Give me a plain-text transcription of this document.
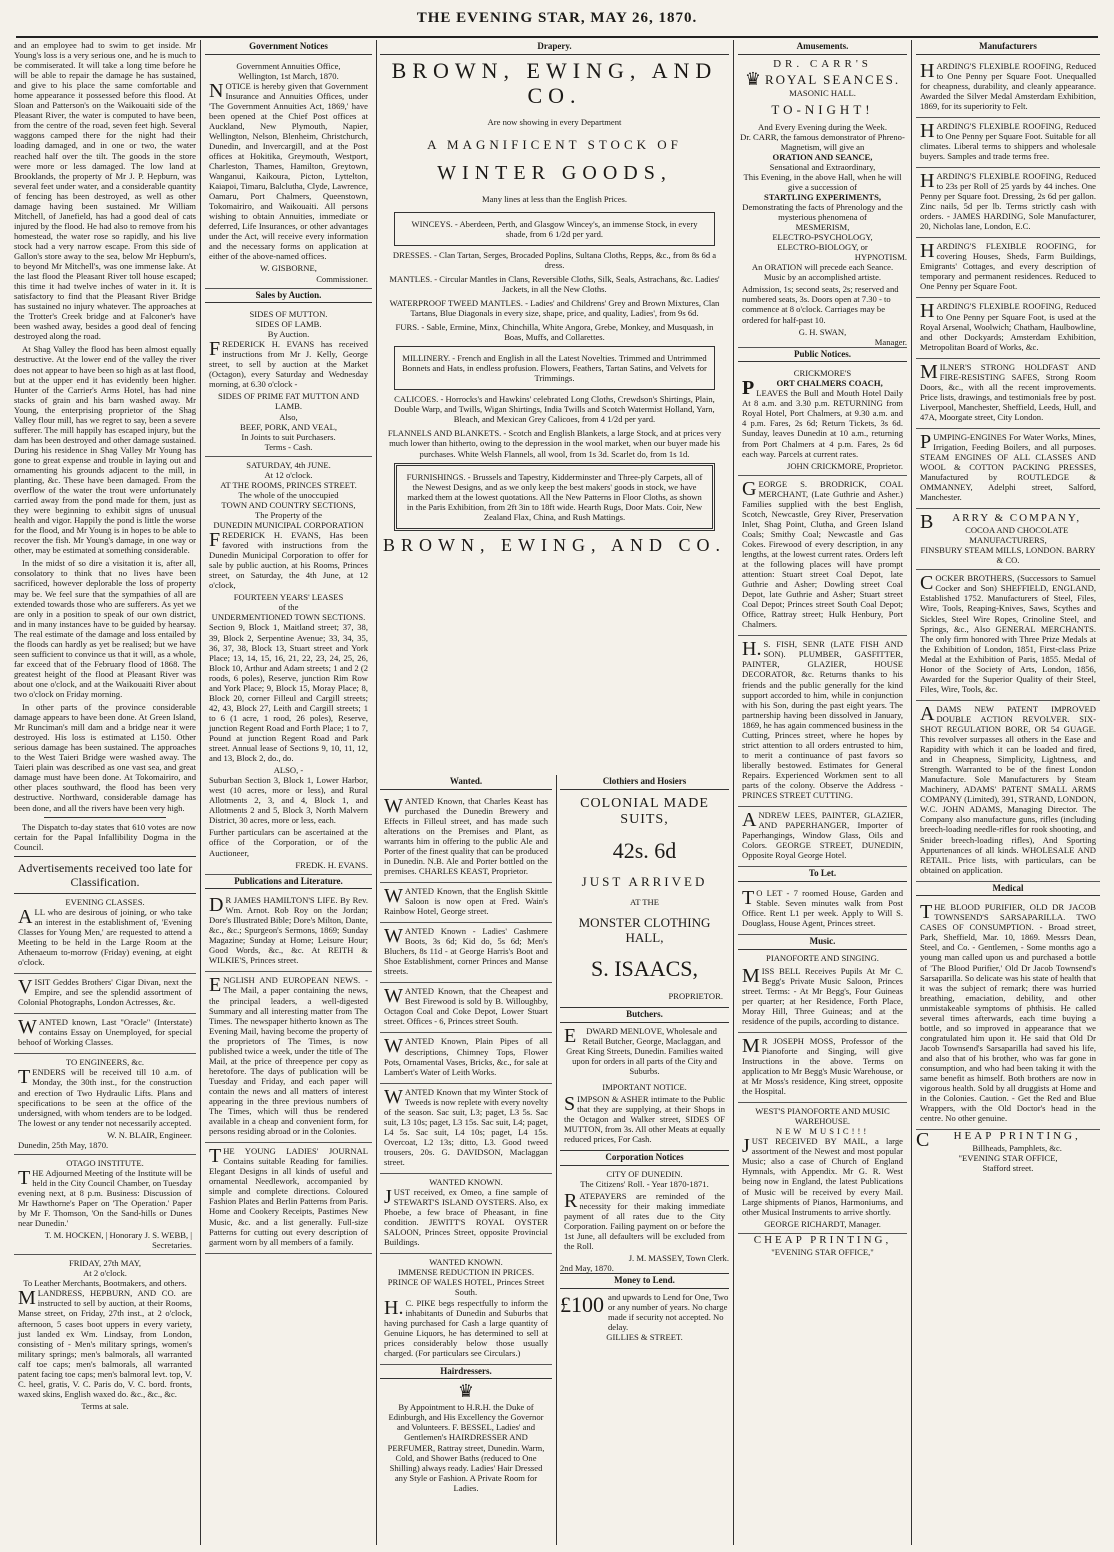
THE EVENING STAR, MAY 26, 1870.

and an employee had to swim to get inside. Mr Young's loss is a very serious one, and he is much to be commiserated. It will take a long time before he will be able to repair the damage he has sustained, and give to his place the same comfortable and home appearance it possessed before this flood. At Sloan and Patterson's on the Waikouaiti side of the Pleasant River, the water is computed to have been, from the centre of the road, seven feet high. Several waggons camped there for the night had their loading damaged, and in one or two, the water reached half over the tilt. The goods in the store were more or less damaged. The low land at Brooklands, the property of Mr J. P. Hepburn, was several feet under water, and a considerable quantity of fencing has been destroyed, as well as other damage having been sustained. Mr William Mitchell, of Janefield, has had a good deal of cats injured by the flood. He had also to remove from his homestead, the water rose so rapidly, and his live stock had a very narrow escape. From this side of Gallon's store away to the sea, below Mr Hepburn's, to beyond Mr Mitchell's, was one immense lake. At the last flood the Pleasant River toll house escaped; this time it had twelve inches of water in it. It is satisfactory to find that the Pleasant River Bridge has sustained no injury whatever. The approaches at the Trotter's Creek bridge and at Falconer's have been washed away, besides a good deal of fencing destroyed along the road.

At Shag Valley the flood has been almost equally destructive. At the lower end of the valley the river does not appear to have been so high as at last flood, but at the upper end it has evidently been higher. Hunter of the Carrier's Arms Hotel, has had nine stacks of grain and his barn washed away. Mr Young, the enterprising proprietor of the Shag Valley flour mill, has we regret to say, been a severe sufferer. The mill happily has escaped injury, but the dam has been destroyed and other damage sustained. During his residence in Shag Valley Mr Young has gone to great expense and trouble in laying out and ornamenting his grounds adjacent to the mill, in planting, &c. These have been damaged. From the overflow of the water the trout were unfortunately carried away from the pond made for them, just as they were beginning to exhibit signs of unusual health and vigor. Happily the pond is little the worse for the flood, and Mr Young is in hopes to be able to recover the fish. Mr Young's damage, in one way or other, may be estimated at something considerable.

In the midst of so dire a visitation it is, after all, consolatory to think that no lives have been sacrificed, however deplorable the loss of property may be. We feel sure that the sympathies of all are extended towards those who are sufferers. As yet we are only in a position to speak of our own district, and in many instances have to be guided by hearsay. The real estimate of the damage and loss entailed by the floods can hardly as yet be realised; but we have seen sufficient to convince us that it will, as a whole, far exceed that of the February flood of 1868. The greatest height of the flood at Pleasant River was about one o'clock, and at the Waikouaiti River about two o'clock on Friday morning.

In other parts of the province considerable damage appears to have been done. At Green Island, Mr Runciman's mill dam and a bridge near it were destroyed. His loss is estimated at L150. Other serious damage has been sustained. The approaches to the West Taieri Bridge were washed away. The Taieri plain was described as one vast sea, and great damage must have been done. At Tokomairiro, and other places southward, the flood has been very destructive. Northward, considerable damage has been done, and all the rivers have been very high.

The Dispatch to-day states that 610 votes are now certain for the Papal Infallibility Dogma in the Council.

Advertisements received too late for Classification.
EVENING CLASSES.

ALL who are desirous of joining, or who take an interest in the establishment of, 'Evening Classes for Young Men,' are requested to attend a Meeting to be held in the Large Room at the Athenaeum to-morrow (Friday) evening, at eight o'clock.

VISIT Geddes Brothers' Cigar Divan, next the Empire, and see the splendid assortment of Colonial Photographs, London Actresses, &c.

WANTED known, Last "Oracle" (Interstate) contains Essay on Unemployed, for special behoof of Working Classes.

TO ENGINEERS, &c.

TENDERS will be received till 10 a.m. of Monday, the 30th inst., for the construction and erection of Two Hydraulic Lifts. Plans and specifications to be seen at the office of the undersigned, with whom tenders are to be lodged. The lowest or any tender not necessarily accepted.

W. N. BLAIR, Engineer.
Dunedin, 25th May, 1870.
OTAGO INSTITUTE.

THE Adjourned Meeting of the Institute will be held in the City Council Chamber, on Tuesday evening next, at 8 p.m. Business: Discussion of Mr Hawthorne's Paper on 'The Operation.' Paper by Mr F. Thomson, 'On the Sand-hills or Dunes near Dunedin.'

T. M. HOCKEN, | Honorary J. S. WEBB, | Secretaries.
FRIDAY, 27th MAY,
At 2 o'clock.
To Leather Merchants, Bootmakers, and others.

MLANDRESS, HEPBURN, AND CO. are instructed to sell by auction, at their Rooms, Manse street, on Friday, 27th inst., at 2 o'clock, afternoon, 5 cases boot uppers in every variety, just landed ex Wm. Lindsay, from London, consisting of - Men's military springs, women's military springs; men's balmorals, all warranted calf toe caps; men's balmorals, all warranted patent facing toe caps; men's balmoral levt. top, V. C. heel, gratis, V. C. Paris do, V. C. bord. fronts, waxed skins, English waxed do. &c., &c., &c.

Terms at sale.
Government Notices
Government Annuities Office,
Wellington, 1st March, 1870.

NOTICE is hereby given that Government Insurance and Annuities Offices, under 'The Government Annuities Act, 1869,' have been opened at the Chief Post offices at Auckland, New Plymouth, Napier, Wellington, Nelson, Blenheim, Christchurch, Dunedin, and Invercargill, and at the Post offices at Hokitika, Greymouth, Westport, Charleston, Thames, Hamilton, Greytown, Wanganui, Kaikoura, Picton, Lyttelton, Kaiapoi, Timaru, Balclutha, Clyde, Lawrence, Oamaru, Port Chalmers, Queenstown, Tokomairiro, and Waikouaiti. All persons wishing to obtain Annuities, immediate or deferred, Life Insurances, or other advantages under the Act, will receive every information and the necessary forms on application at either of the above-named offices.

W. GISBORNE,
Commissioner.
Sales by Auction.
SIDES OF MUTTON.
SIDES OF LAMB.
By Auction.

FREDERICK H. EVANS has received instructions from Mr J. Kelly, George street, to sell by auction at the Market (Octagon), every Saturday and Wednesday morning, at 6.30 o'clock -

SIDES OF PRIME FAT MUTTON AND LAMB.
Also,
BEEF, PORK, AND VEAL,
In Joints to suit Purchasers.
Terms - Cash.
SATURDAY, 4th JUNE.
At 12 o'clock.
AT THE ROOMS, PRINCES STREET.
The whole of the unoccupied
TOWN AND COUNTRY SECTIONS,
The Property of the
DUNEDIN MUNICIPAL CORPORATION

FREDERICK H. EVANS, Has been favored with instructions from the Dunedin Municipal Corporation to offer for sale by public auction, at his Rooms, Princes street, on Saturday, the 4th June, at 12 o'clock,

FOURTEEN YEARS' LEASES
of the
UNDERMENTIONED TOWN SECTIONS.

Section 9, Block 1, Maitland street; 37, 38, 39, Block 2, Serpentine Avenue; 33, 34, 35, 36, 37, 38, Block 13, Stuart street and York Place; 13, 14, 15, 16, 21, 22, 23, 24, 25, 26, Block 10, Arthur and Adam streets; 1 and 2 (2 roods, 6 poles), Reserve, junction Rim Row and York Place; 9, Block 15, Moray Place; 8, Block 20, corner Filleul and Cargill streets; 42, 43, Block 27, Leith and Cargill streets; 1 to 6 (1 acre, 1 rood, 26 poles), Reserve, junction Regent Road and Forth Place; 1 to 7, Pound at junction Regent Road and Park street. Annual lease of Sections 9, 10, 11, 12, and 13, Block 2, do., do.

ALSO, -

Suburban Section 3, Block 1, Lower Harbor, west (10 acres, more or less), and Rural Allotments 2, 3, and 4, Block 1, and Allotments 2 and 5, Block 3, North Malvern District, 30 acres, more or less, each.

Further particulars can be ascertained at the office of the Corporation, or of the Auctioneer,

FREDK. H. EVANS.
Publications and Literature.

DR JAMES HAMILTON'S LIFE. By Rev. Wm. Arnot. Rob Roy on the Jordan; Dore's Illustrated Bible; Dore's Milton, Dante, &c., &c.; Spurgeon's Sermons, 1869; Sunday Magazine; Sunday at Home; Leisure Hour; Good Words, &c., &c. At REITH & WILKIE'S, Princes street.

ENGLISH AND EUROPEAN NEWS. - The Mail, a paper containing the news, the principal leaders, a well-digested Summary and all interesting matter from The Times. The newspaper hitherto known as The Evening Mail, having become the property of the proprietors of The Times, is now published twice a week, under the title of The Mail, at the price of threepence per copy as heretofore. The days of publication will be Tuesday and Friday, and each paper will contain the news and all matters of interest appearing in the three previous numbers of The Times, which will thus be rendered available in a cheap and convenient form, for persons residing abroad or in the Colonies.

THE YOUNG LADIES' JOURNAL Contains suitable Reading for families. Elegant Designs in all kinds of useful and ornamental Needlework, accompanied by simple and complete directions. Coloured Fashion Plates and Berlin Patterns from Paris. Home and Cookery Receipts, Pastimes New Music, &c. and a list generally. Full-size Patterns for cutting out every description of garment worn by all members of a family.

Drapery.
BROWN, EWING, AND CO.
Are now showing in every Department
A MAGNIFICENT STOCK OF
WINTER GOODS,
Many lines at less than the English Prices.
WINCEYS. - Aberdeen, Perth, and Glasgow Wincey's, an immense Stock, in every shade, from 6 1/2d per yard.

DRESSES. - Clan Tartan, Serges, Brocaded Poplins, Sultana Cloths, Repps, &c., from 8s 6d a dress.

MANTLES. - Circular Mantles in Clans, Reversible Cloths, Silk, Seals, Astrachans, &c. Ladies' Jackets, in all the New Cloths.

WATERPROOF TWEED MANTLES. - Ladies' and Childrens' Grey and Brown Mixtures, Clan Tartans, Blue Diagonals in every size, shape, price, and quality, Ladies', from 9s 6d.

FURS. - Sable, Ermine, Minx, Chinchilla, White Angora, Grebe, Monkey, and Musquash, in Boas, Muffs, and Collarettes.

MILLINERY. - French and English in all the Latest Novelties. Trimmed and Untrimmed Bonnets and Hats, in endless profusion. Flowers, Feathers, Tartan Satins, and Velvets for Trimmings.

CALICOES. - Horrocks's and Hawkins' celebrated Long Cloths, Crewdson's Shirtings, Plain, Double Warp, and Twills, Wigan Shirtings, India Twills and Scotch Watermist Holland, Yarn, Bleach, and Mexican Grey Calicoes, from 4 1/2d per yard.

FLANNELS AND BLANKETS. - Scotch and English Blankets, a large Stock, and at prices very much lower than hitherto, owing to the depression in the wool market, when our buyer made his purchases. White Welsh Flannels, all wool, from 1s 3d. Scarlet do, from 1s 1d.

FURNISHINGS. - Brussels and Tapestry, Kidderminster and Three-ply Carpets, all of the Newest Designs, and as we only keep the best makers' goods in stock, we have marked them at the lowest quotations. All the New Patterns in Floor Cloths, as shown in the Paris Exhibition, from 2ft 3in to 18ft wide. Hearth Rugs, Door Mats. Coir, New Zealand Flax, China, and Rush Mattings.
BROWN, EWING, AND CO.
Wanted.

WANTED Known, that Charles Keast has purchased the Dunedin Brewery and Effects in Filleul street, and has made such alterations on the Premises and Plant, as warrants him in offering to the public Ale and Porter of the finest quality that can be produced in Dunedin. N.B. Ale and Porter bottled on the premises. CHARLES KEAST, Proprietor.

WANTED Known, that the English Skittle Saloon is now open at Fred. Wain's Rainbow Hotel, George street.

WANTED Known - Ladies' Cashmere Boots, 3s 6d; Kid do, 5s 6d; Men's Bluchers, 8s 11d - at George Harris's Boot and Shoe Establishment, corner Princes and Manse streets.

WANTED Known, that the Cheapest and Best Firewood is sold by B. Willoughby, Octagon Coal and Coke Depot, Lower Stuart street. Offices - 6, Princes street South.

WANTED Known, Plain Pipes of all descriptions, Chimney Tops, Flower Pots, Ornamental Vases, Bricks, &c., for sale at Lambert's Water of Leith Works.

WANTED Known that my Winter Stock of Tweeds is now replete with every novelty of the season. Sac suit, L3; paget, L3 5s. Sac suit, L3 10s; paget, L3 15s. Sac suit, L4; paget, L4 5s. Sac suit, L4 10s; paget, L4 15s. Overcoat, L2 13s; ditto, L3. Good tweed trousers, 20s. G. DAVIDSON, Maclaggan street.

WANTED KNOWN.

JUST received, ex Omeo, a fine sample of STEWART'S ISLAND OYSTERS. Also, ex Phoebe, a few brace of Pheasant, in fine condition. JEWITT'S ROYAL OYSTER SALOON, Princes Street, opposite Provincial Buildings.

WANTED KNOWN.
IMMENSE REDUCTION IN PRICES.
PRINCE OF WALES HOTEL, Princes Street South.

H.C. PIKE begs respectfully to inform the inhabitants of Dunedin and Suburbs that having purchased for Cash a large quantity of Genuine Liquors, he has determined to sell at prices considerably below those usually charged. (For particulars see Circulars.)

Hairdressers.
♛

By Appointment to H.R.H. the Duke of Edinburgh, and His Excellency the Governor and Volunteers. F. BESSEL, Ladies' and Gentlemen's HAIRDRESSER AND PERFUMER, Rattray street, Dunedin. Warm, Cold, and Shower Baths (reduced to One Shilling) always ready. Ladies' Hair Dressed any Style or Fashion. A Private Room for Ladies.

Clothiers and Hosiers
COLONIAL MADE SUITS,
42s. 6d
JUST ARRIVED
AT THE
MONSTER CLOTHING HALL,
S. ISAACS,
PROPRIETOR.
Butchers.

EDWARD MENLOVE, Wholesale and Retail Butcher, George, Maclaggan, and Great King Streets, Dunedin. Families waited upon for orders in all parts of the City and Suburbs.

IMPORTANT NOTICE.

SIMPSON & ASHER intimate to the Public that they are supplying, at their Shops in the Octagon and Walker street, SIDES OF MUTTON, from 3s. All other Meats at equally reduced prices, For Cash.

Corporation Notices
CITY OF DUNEDIN.
The Citizens' Roll. - Year 1870-1871.

RATEPAYERS are reminded of the necessity for their making immediate payment of all rates due to the City Corporation. Failing payment on or before the 1st June, all defaulters will be excluded from the Roll.

J. M. MASSEY, Town Clerk.
2nd May, 1870.
Money to Lend.
£100 and upwards to Lend for One, Two or any number of years. No charge made if security not accepted. No delay.
GILLIES & STREET.
Amusements.
DR. CARR'S
♛ ROYAL SEANCES.
MASONIC HALL.
TO-NIGHT!
And Every Evening during the Week.
Dr. CARR, the famous demonstrator of Phreno-Magnetism, will give an
ORATION AND SEANCE,
Sensational and Extraordinary,
This Evening, in the above Hall, when he will give a succession of
STARTLING EXPERIMENTS,
Demonstrating the facts of Phrenology and the mysterious phenomena of
MESMERISM,
ELECTRO-PSYCHOLOGY,
ELECTRO-BIOLOGY, or
HYPNOTISM.
An ORATION will precede each Seance.
Music by an accomplished artiste.

Admission, 1s; second seats, 2s; reserved and numbered seats, 3s. Doors open at 7.30 - to commence at 8 o'clock. Carriages may be ordered for half-past 10.

G. H. SWAN,
Manager.
Public Notices.
CRICKMORE'S
PORT CHALMERS COACH,

LEAVES the Bull and Mouth Hotel Daily At 8 a.m. and 3.30 p.m. RETURNING from Royal Hotel, Port Chalmers, at 9.30 a.m. and 4 p.m. Fares, 2s 6d; Return Tickets, 3s 6d. Sunday, leaves Dunedin at 10 a.m., returning from Port Chalmers at 4 p.m. Fares, 2s 6d each way. Parcels at current rates.

JOHN CRICKMORE, Proprietor.

GEORGE S. BRODRICK, COAL MERCHANT, (Late Guthrie and Asher.) Families supplied with the best English, Scotch, Newcastle, Grey River, Preservation Inlet, Shag Point, Clutha, and Green Island Coals; Smithy Coal; Newcastle and Gas Cokes. Firewood of every description, in any lengths, at the lowest current rates. Orders left at the following places will have prompt attention: Stuart street Coal Depot, late Guthrie and Asher; Dowling street Coal Depot, late Guthrie and Asher; Stuart street Coal Depot; Princes street South Coal Depot; Office, Rattray street; Hulk Henbury, Port Chalmers.

H.S. FISH, SENR (LATE FISH AND SON). PLUMBER, GASFITTER, PAINTER, GLAZIER, HOUSE DECORATOR, &c. Returns thanks to his friends and the public generally for the kind support accorded to him, while in conjunction with his Son, during the past eight years. The partnership having been dissolved in January, 1869, he has again commenced business in the Cutting, Princes street, where he hopes by strict attention to all orders entrusted to him, to merit a continuance of past favors so liberally bestowed. Estimates for General Repairs. Experienced Workmen sent to all parts of the colony. Observe the Address - PRINCES STREET CUTTING.

ANDREW LEES, PAINTER, GLAZIER, AND PAPERHANGER, Importer of Paperhangings, Window Glass, Oils and Colors. GEORGE STREET, DUNEDIN, Opposite Royal George Hotel.

To Let.

TO LET - 7 roomed House, Garden and Stable. Seven minutes walk from Post Office. Rent L1 per week. Apply to Will S. Douglass, House Agent, Princes street.

Music.
PIANOFORTE AND SINGING.

MISS BELL Receives Pupils At Mr C. Begg's Private Music Saloon, Princes street. Terms: - At Mr Begg's, Four Guineas per quarter; at her Residence, Forth Place, Moray Hill, Three Guineas; and at the residence of the pupils, according to distance.

MR JOSEPH MOSS, Professor of the Pianoforte and Singing, will give Instructions in the above. Terms on application to Mr Begg's Music Warehouse, or at Mr Moss's residence, King street, opposite the Hospital.

WEST'S PIANOFORTE AND MUSIC WAREHOUSE.
NEW MUSIC!!!

JUST RECEIVED BY MAIL, a large assortment of the Newest and most popular Music; also a case of Church of England Hymnals, with Appendix. Mr G. R. West being now in England, the latest Publications of Music will be received by every Mail. Large shipments of Pianos, Harmoniums, and other Musical Instruments to arrive shortly.

GEORGE RICHARDT, Manager.
CHEAP PRINTING,
"EVENING STAR OFFICE,"
Manufacturers

HARDING'S FLEXIBLE ROOFING, Reduced to One Penny per Square Foot. Unequalled for cheapness, durability, and cleanly appearance. Awarded the Silver Medal Amsterdam Exhibition, 1869, for its superiority to Felt.

HARDING'S FLEXIBLE ROOFING, Reduced to One Penny per Square Foot. Suitable for all climates. Liberal terms to shippers and wholesale buyers. Samples and trade terms free.

HARDING'S FLEXIBLE ROOFING, Reduced to 23s per Roll of 25 yards by 44 inches. One Penny per Square foot. Dressing, 2s 6d per gallon. Zinc nails, 5d per lb. Terms strictly cash with orders. - JAMES HARDING, Sole Manufacturer, 20, Nicholas lane, London, E.C.

HARDING'S FLEXIBLE ROOFING, for covering Houses, Sheds, Farm Buildings, Emigrants' Cottages, and every description of temporary and permanent residences. Reduced to One Penny per Square Foot.

HARDING'S FLEXIBLE ROOFING, Reduced to One Penny per Square Foot, is used at the Royal Arsenal, Woolwich; Chatham, Haulbowline, and other Dockyards; Amsterdam Exhibition, Metropolitan Board of Works, &c.

MILNER'S STRONG HOLDFAST AND FIRE-RESISTING SAFES, Strong Room Doors, &c., with all the recent improvements. Price lists, drawings, and testimonials free by post. Liverpool, Manchester, Sheffield, Leeds, Hull, and 47A, Moorgate street, City London.

PUMPING-ENGINES For Water Works, Mines, Irrigation, Feeding Boilers, and all purposes. STEAM ENGINES OF ALL CLASSES AND WOOL & COTTON PACKING PRESSES, Manufactured by ROUTLEDGE & OMMANNEY, Adelphi street, Salford, Manchester.

BARRY & COMPANY,
COCOA AND CHOCOLATE MANUFACTURERS,
FINSBURY STEAM MILLS, LONDON. BARRY & CO.

COCKER BROTHERS, (Successors to Samuel Cocker and Son) SHEFFIELD, ENGLAND, Established 1752. Manufacturers of Steel, Files, Wire, Tools, Reaping-Knives, Saws, Scythes and Sickles, Steel Wire Ropes, Crinoline Steel, and Springs, &c., Also GENERAL MERCHANTS. The only firm honored with Three Prize Medals at the Exhibition of London, 1851, First-class Prize Medal at the Exhibition of Paris, 1855. Medal of Honor of the Society of Arts, London, 1856, Awarded for the Superior Quality of their Steel, Files, Wire, Tools, &c.

ADAMS NEW PATENT IMPROVED DOUBLE ACTION REVOLVER. SIX-SHOT REGULATION BORE, OR 54 GUAGE. This revolver surpasses all others in the Ease and Rapidity with which it can be loaded and fired, and in Cheapness, Simplicity, Lightness, and Strength. Warranted to be of the finest London Manufacture. Sole Manufacturers by Steam Machinery, ADAMS' PATENT SMALL ARMS COMPANY (Limited), 391, STRAND, LONDON, W.C. JOHN ADAMS, Managing Director. The Company also manufacture guns, rifles (including breech-loading needle-rifles for rook shooting, and Snider breech-loading rifles), And Sporting Appurtenances of all kinds. WHOLESALE AND RETAIL. Price lists, with particulars, can be obtained on application.

Medical

THE BLOOD PURIFIER, OLD DR JACOB TOWNSEND'S SARSAPARILLA. TWO CASES OF CONSUMPTION. - Broad street, Park, Sheffield, Mar. 10, 1869. Messrs Dean, Steel, and Co. - Gentlemen, - Some months ago a young man called upon us and purchased a bottle of 'The Blood Purifier,' Old Dr Jacob Townsend's Sarsaparilla. So delicate was his state of health that it was the subject of remark; there was hurried breathing, emaciation, debility, and other unmistakeable symptoms of phthisis. He called several times afterwards, each time buying a bottle, and so improved in appearance that we congratulated him upon it. He said that Old Dr Jacob Townsend's Sarsaparilla had saved his life, and also that of his brother, who was far gone in consumption, and who had been taking it with the same benefit as himself. Both brothers are now in vigorous health. Sold by all druggists at Home and in the Colonies. Caution. - Get the Red and Blue Wrappers, with the Old Doctor's head in the centre. No other genuine.

CHEAP PRINTING,
Billheads, Pamphlets, &c.
"EVENING STAR OFFICE,
Stafford street.
